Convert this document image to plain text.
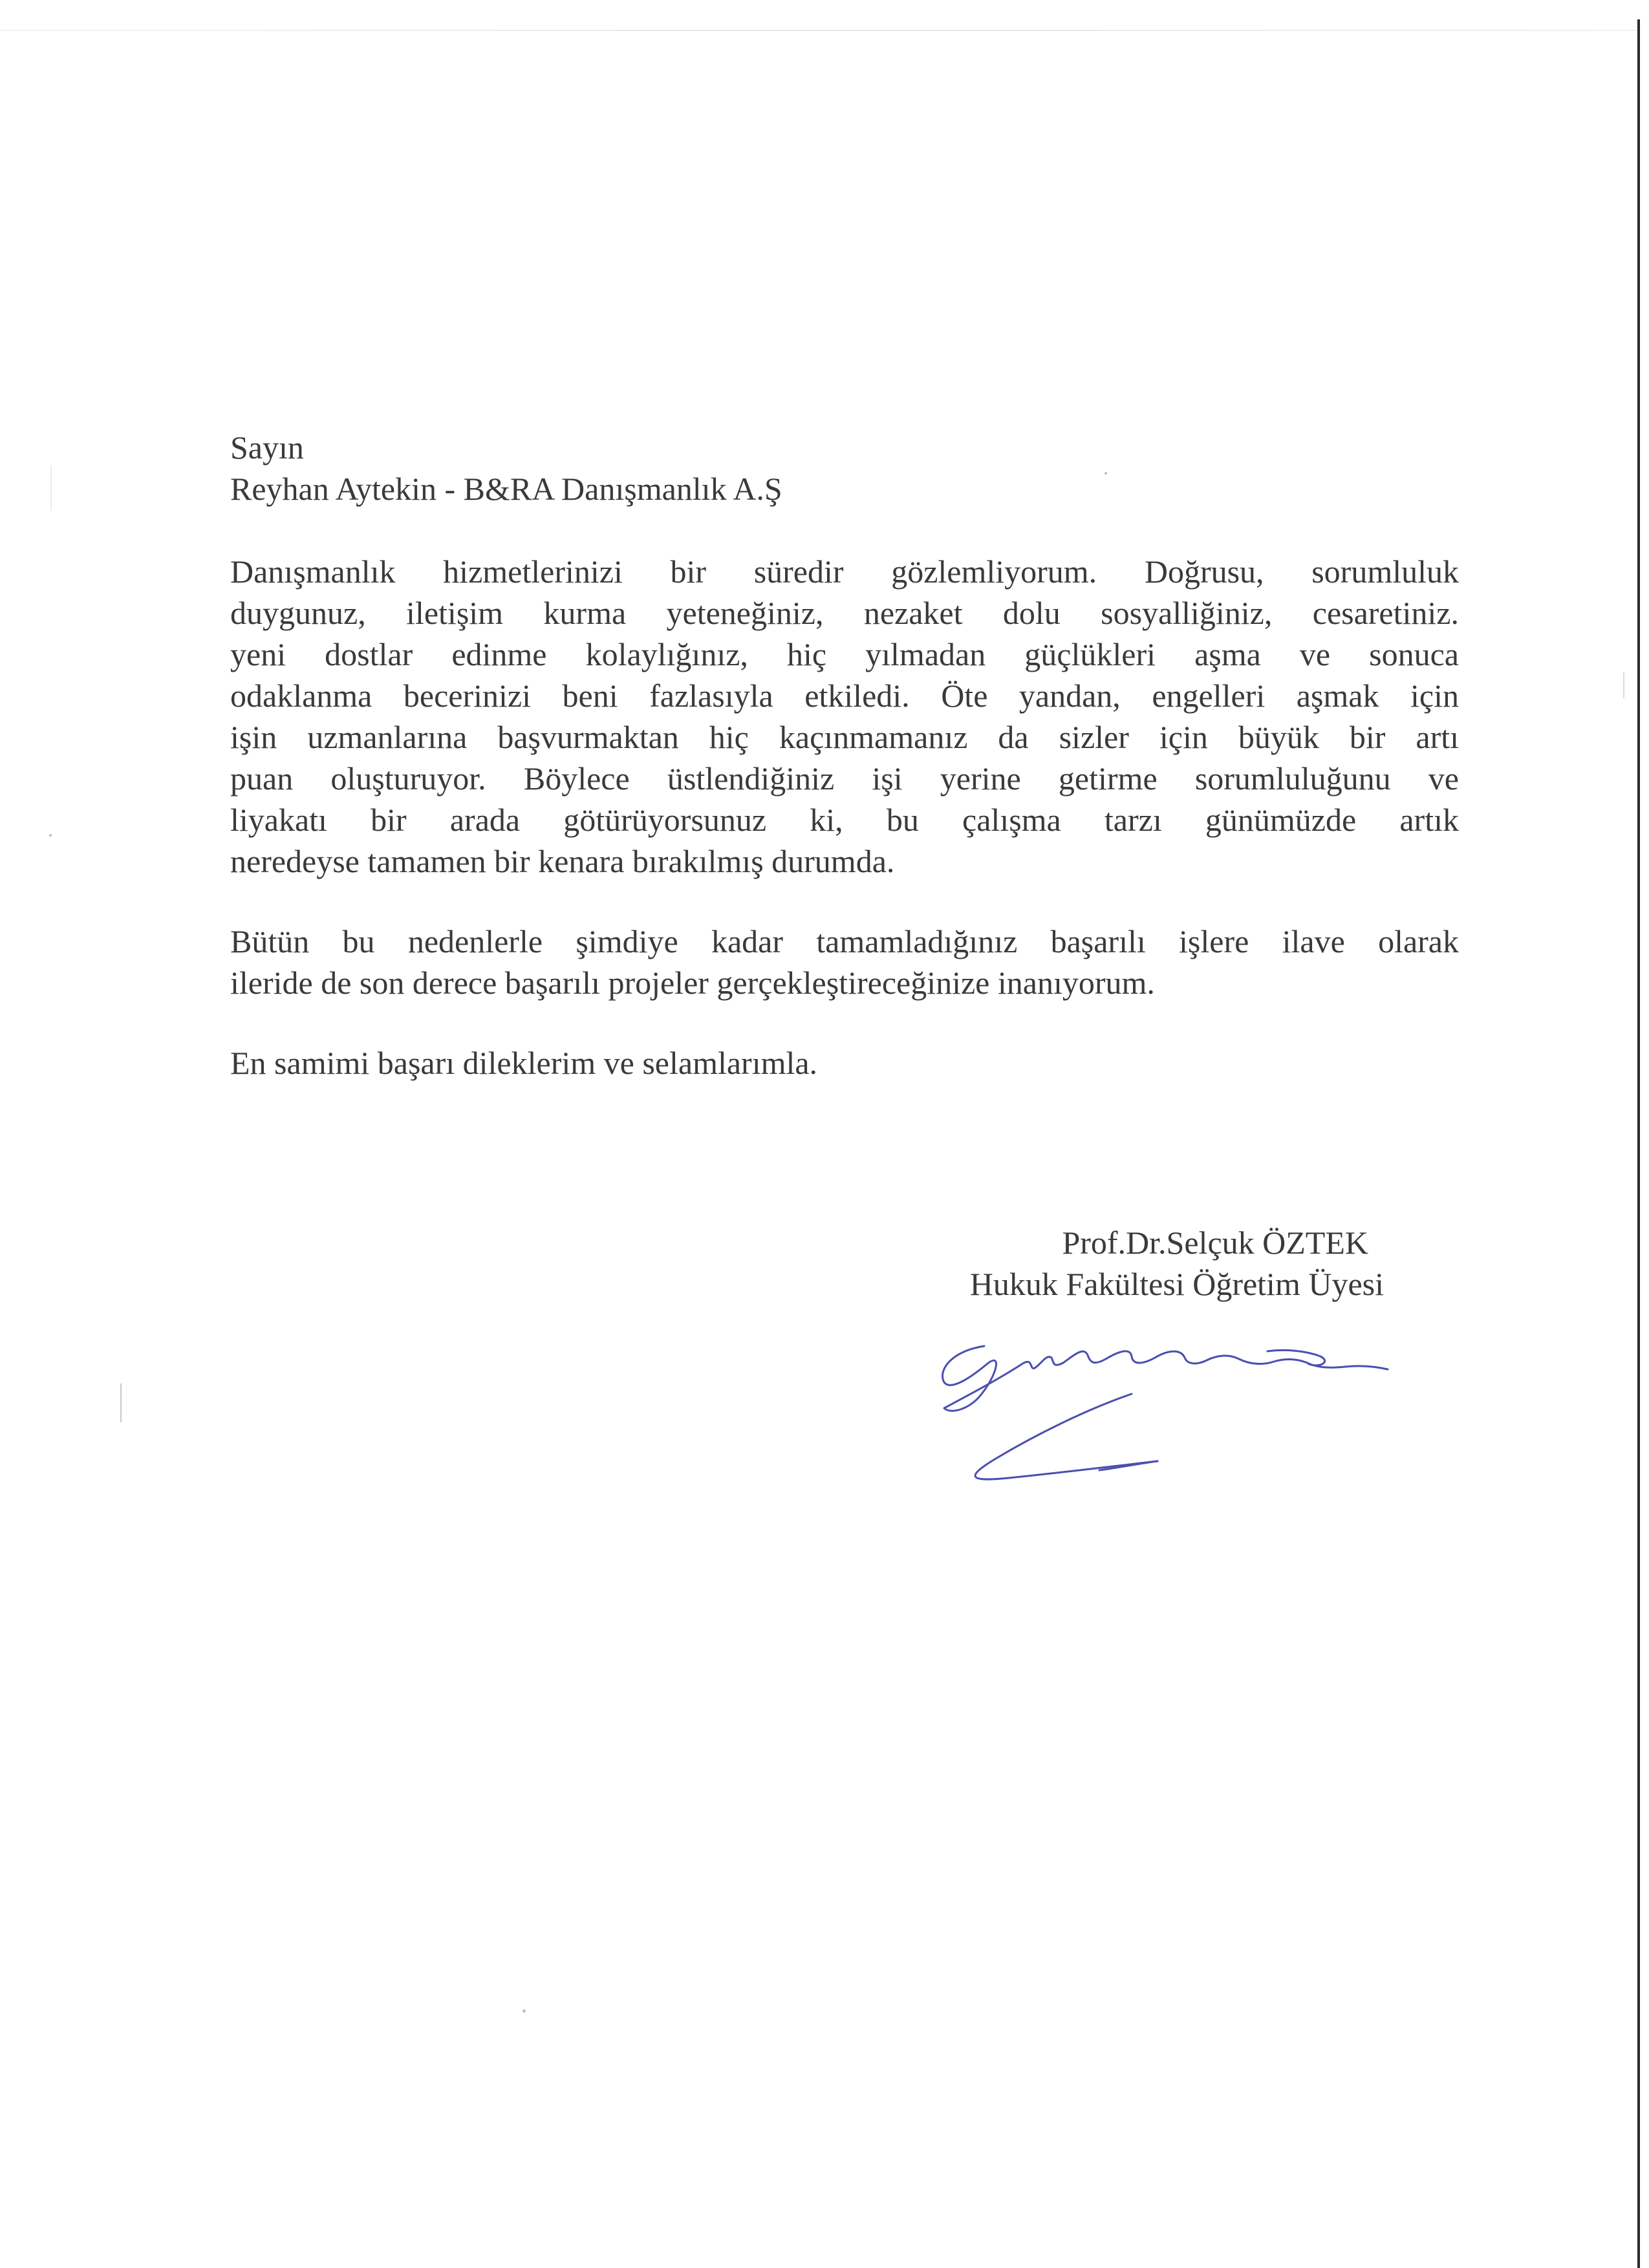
Sayın

Reyhan Aytekin - B&RA Danışmanlık A.Ş

Danışmanlık hizmetlerinizi bir süredir gözlemliyorum. Doğrusu, sorumluluk
duygunuz, iletişim kurma yeteneğiniz, nezaket dolu sosyalliğiniz, cesaretiniz.
yeni dostlar edinme kolaylığınız, hiç yılmadan güçlükleri aşma ve sonuca
odaklanma becerinizi beni fazlasıyla etkiledi. Öte yandan, engelleri aşmak için
işin uzmanlarına başvurmaktan hiç kaçınmamanız da sizler için büyük bir artı
puan oluşturuyor. Böylece üstlendiğiniz işi yerine getirme sorumluluğunu ve
liyakatı bir arada götürüyorsunuz ki, bu çalışma tarzı günümüzde artık
neredeyse tamamen bir kenara bırakılmış durumda.

Bütün bu nedenlerle şimdiye kadar tamamladığınız başarılı işlere ilave olarak
ileride de son derece başarılı projeler gerçekleştireceğinize inanıyorum.

En samimi başarı dileklerim ve selamlarımla.

Prof.Dr.Selçuk ÖZTEK
Hukuk Fakültesi Öğretim Üyesi
